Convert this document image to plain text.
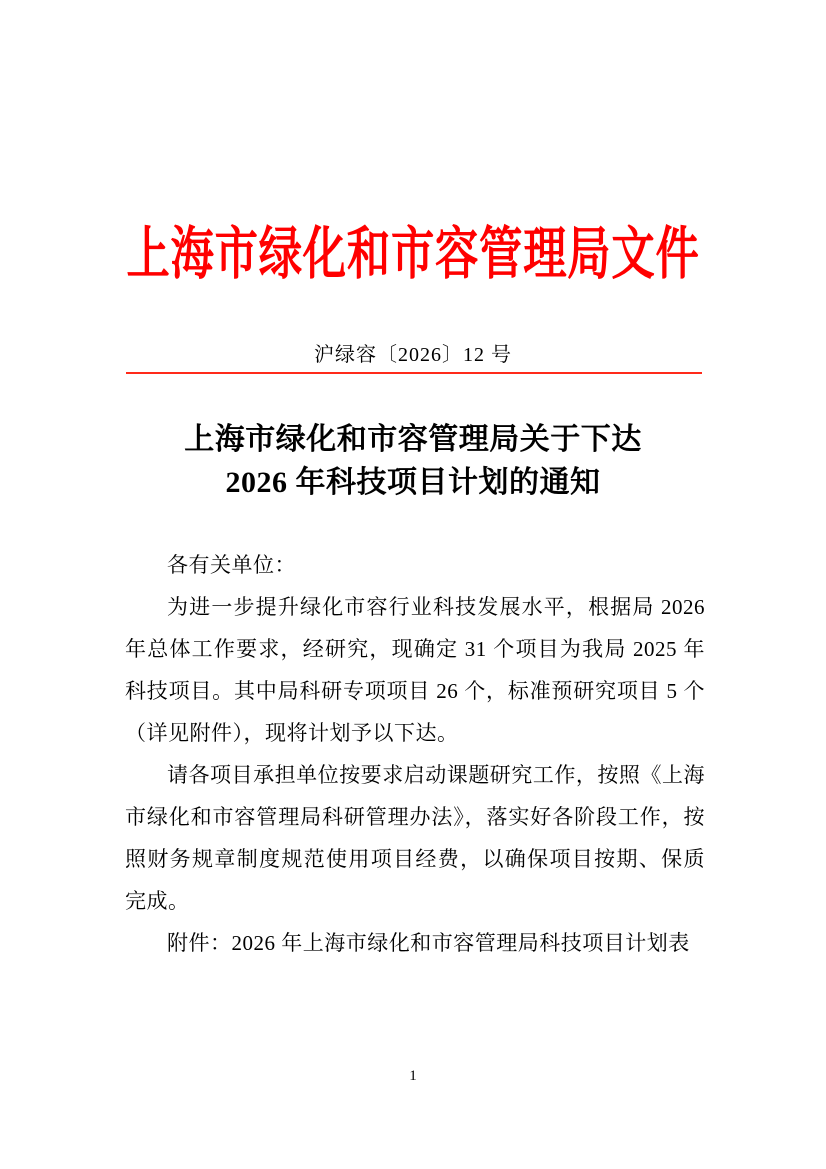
上海市绿化和市容管理局文件
沪绿容〔2026〕12 号
上海市绿化和市容管理局关于下达
2026 年科技项目计划的通知

各有关单位：

为进一步提升绿化市容行业科技发展水平，根据局 2026 年总体工作要求，经研究，现确定 31 个项目为我局 2025 年科技项目。其中局科研专项项目 26 个，标准预研究项目 5 个（详见附件），现将计划予以下达。

请各项目承担单位按要求启动课题研究工作，按照《上海市绿化和市容管理局科研管理办法》，落实好各阶段工作，按照财务规章制度规范使用项目经费，以确保项目按期、保质完成。

附件：2026 年上海市绿化和市容管理局科技项目计划表

1
